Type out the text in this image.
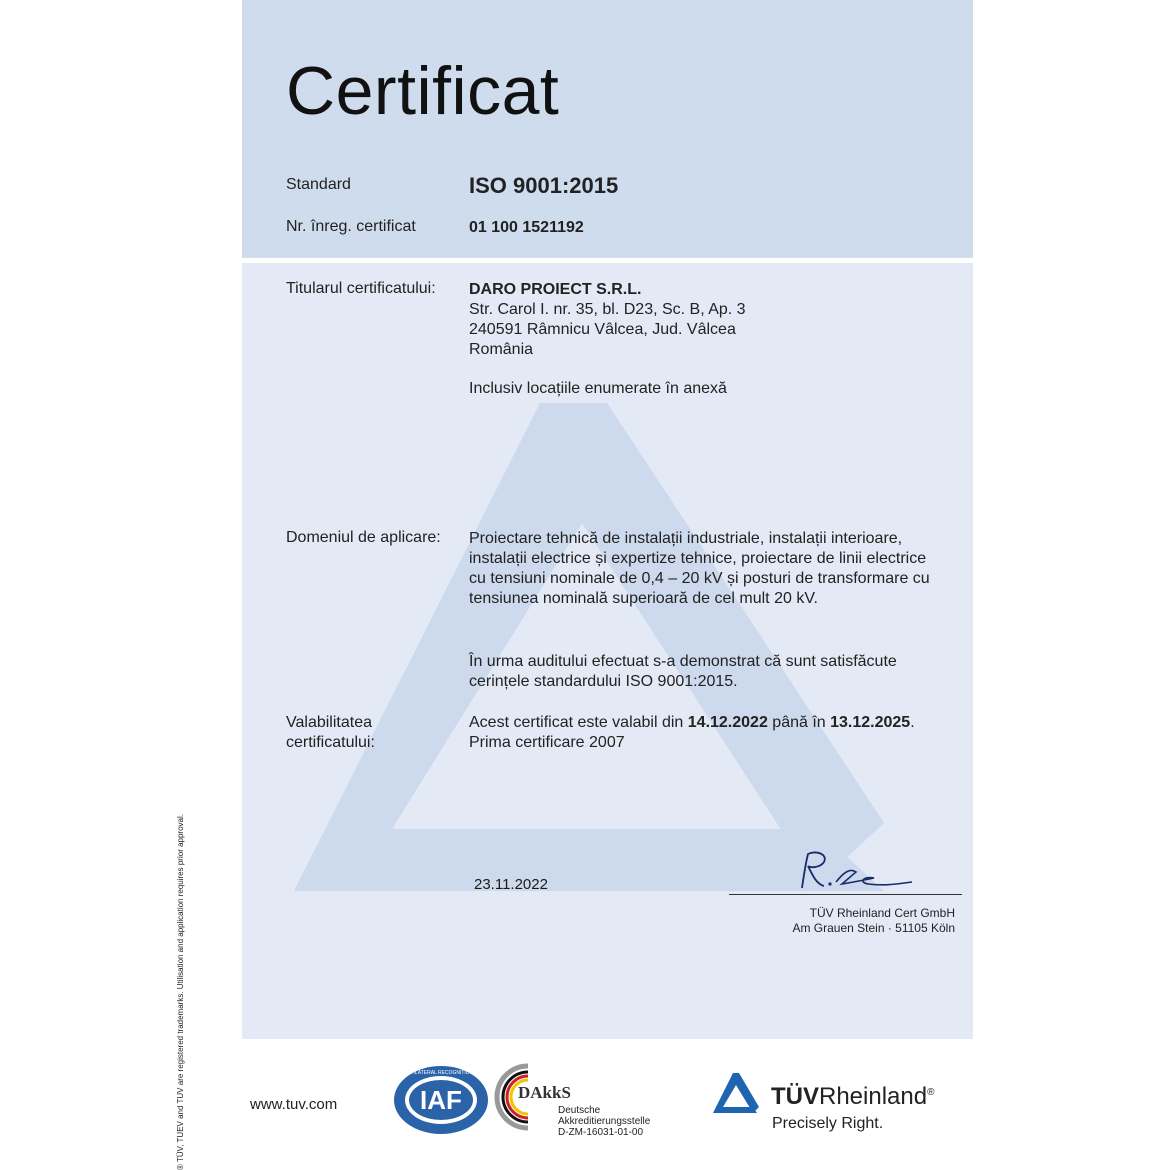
Certificat
Standard	ISO 9001:2015
Nr. înreg. certificat	01 100 1521192
Titularul certificatului: DARO PROIECT S.R.L.
Str. Carol I. nr. 35, bl. D23, Sc. B, Ap. 3
240591 Râmnicu Vâlcea, Jud. Vâlcea
România
Inclusiv locațiile enumerate în anexă
Domeniul de aplicare: Proiectare tehnică de instalații industriale, instalații interioare,
instalații electrice și expertize tehnice, proiectare de linii electrice
cu tensiuni nominale de 0,4 – 20 kV și posturi de transformare cu
tensiunea nominală superioară de cel mult 20 kV.
În urma auditului efectuat s-a demonstrat că sunt satisfăcute
cerințele standardului ISO 9001:2015.
Valabilitatea
certificatului:
Acest certificat este valabil din 14.12.2022 până în 13.12.2025.
Prima certificare 2007
23.11.2022
TÜV Rheinland Cert GmbH
Am Grauen Stein · 51105 Köln
www.tuv.com
® TÜV, TUEV and TUV are registered trademarks. Utilisation and application requires prior approval.	IAF
MEMBER OF MULTILATERAL RECOGNITION ARRANGEMENT
DAkkS
Deutsche
Akkreditierungsstelle
D-ZM-16031-01-00
TÜVRheinland®
Precisely Right.
